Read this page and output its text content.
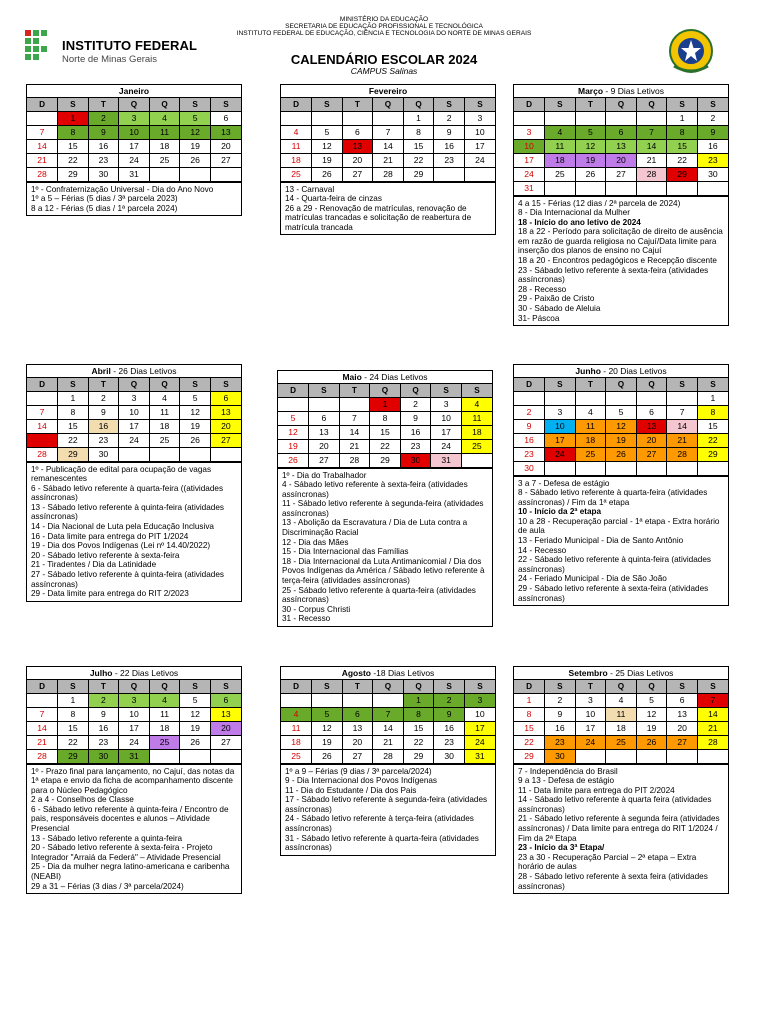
MINISTÉRIO DA EDUCAÇÃO
SECRETARIA DE EDUCAÇÃO PROFISSIONAL E TECNOLÓGICA
INSTITUTO FEDERAL DE EDUCAÇÃO, CIÊNCIA E TECNOLOGIA DO NORTE DE MINAS GERAIS
INSTITUTO FEDERAL
Norte de Minas Gerais	CALENDÁRIO ESCOLAR 2024
CAMPUS Salinas
Janeiro
D	S	T	Q	Q	S	S
	1	2	3	4	5	6
7	8	9	10	11	12	13
14	15	16	17	18	19	20
21	22	23	24	25	26	27
28	29	30	31			
1º - Confraternização Universal - Dia do Ano Novo
1º a 5 – Férias (5 dias / 3ª parcela 2023)
8 a 12 - Férias (5 dias / 1ª parcela 2024)
Fevereiro
D	S	T	Q	Q	S	S
				1	2	3
4	5	6	7	8	9	10
11	12	13	14	15	16	17
18	19	20	21	22	23	24
25	26	27	28	29		
13 - Carnaval
14 - Quarta-feira de cinzas
26 a 29 - Renovação de matrículas, renovação de matrículas trancadas e solicitação de reabertura de matrícula trancada
Março - 9 Dias Letivos
D	S	T	Q	Q	S	S
					1	2
3	4	5	6	7	8	9
10	11	12	13	14	15	16
17	18	19	20	21	22	23
24	25	26	27	28	29	30
31						
4 a 15 - Férias (12 dias / 2ª parcela de 2024)
8 - Dia Internacional da Mulher
18 - Início do ano letivo de 2024
18 a 22 - Período para solicitação de direito de ausência em razão de guarda religiosa no Cajuí/Data limite para inserção dos planos de ensino no Cajuí
18 a 20 - Encontros pedagógicos e Recepção discente
23 - Sábado letivo referente à sexta-feira (atividades assíncronas)
28 - Recesso
29 - Paixão de Cristo
30 - Sábado de Aleluia
31- Páscoa
Abril - 26 Dias Letivos
D	S	T	Q	Q	S	S
	1	2	3	4	5	6
7	8	9	10	11	12	13
14	15	16	17	18	19	20
21	22	23	24	25	26	27
28	29	30				
1º - Publicação de edital para ocupação de vagas remanescentes
6 - Sábado letivo referente à quarta-feira ((atividades assíncronas)
13 - Sábado letivo referente à quinta-feira (atividades assíncronas)
14 - Dia Nacional de Luta pela Educação Inclusiva
16 - Data limite para entrega do PIT 1/2024
19 - Dia dos Povos Indígenas (Lei nº 14.40/2022)
20 - Sábado letivo referente à sexta-feira
21 - Tiradentes / Dia da Latinidade
27 - Sábado letivo referente à quinta-feira (atividades assíncronas)
29 - Data limite para entrega do RIT 2/2023
Maio - 24 Dias Letivos
D	S	T	Q	Q	S	S
			1	2	3	4
5	6	7	8	9	10	11
12	13	14	15	16	17	18
19	20	21	22	23	24	25
26	27	28	29	30	31	
1º - Dia do Trabalhador
4 - Sábado letivo referente à sexta-feira (atividades assíncronas)
11 - Sábado letivo referente à segunda-feira (atividades assíncronas)
13 - Abolição da Escravatura / Dia de Luta contra a Discriminação Racial
12 - Dia das Mães
15 - Dia Internacional das Famílias
18 - Dia Internacional da Luta Antimanicomial / Dia dos Povos Indígenas da América / Sábado letivo referente à terça-feira (atividades assíncronas)
25 - Sábado letivo referente à quarta-feira (atividades assíncronas)
30 - Corpus Christi
31 - Recesso
Junho - 20 Dias Letivos
D	S	T	Q	Q	S	S
						1
2	3	4	5	6	7	8
9	10	11	12	13	14	15
16	17	18	19	20	21	22
23	24	25	26	27	28	29
30						
3 a 7 - Defesa de estágio
8 - Sábado letivo referente à quarta-feira (atividades assíncronas) / Fim da 1ª etapa
10 - Início da 2ª etapa
10 a 28 - Recuperação parcial - 1ª etapa - Extra horário de aula
13 - Feriado Municipal - Dia de Santo Antônio
14 - Recesso
22 - Sábado letivo referente à quinta-feira (atividades assíncronas)
24 - Feriado Municipal - Dia de São João
29 - Sábado letivo referente à sexta-feira (atividades assíncronas)
Julho - 22 Dias Letivos
D	S	T	Q	Q	S	S
	1	2	3	4	5	6
7	8	9	10	11	12	13
14	15	16	17	18	19	20
21	22	23	24	25	26	27
28	29	30	31			
1º - Prazo final para lançamento, no Cajuí, das notas da 1ª etapa e envio da ficha de acompanhamento discente para o Núcleo Pedagógico
2 a 4 - Conselhos de Classe
6 - Sábado letivo referente à quinta-feira / Encontro de pais, responsáveis docentes e alunos – Atividade Presencial
13 - Sábado letivo referente a quinta-feira
20 - Sábado letivo referente à sexta-feira - Projeto Integrador "Arraiá da Federá" – Atividade Presencial
25 - Dia da mulher negra latino-americana e caribenha (NEABI)
29 a 31 – Férias (3 dias / 3ª parcela/2024)
Agosto -18 Dias Letivos
D	S	T	Q	Q	S	S
				1	2	3
4	5	6	7	8	9	10
11	12	13	14	15	16	17
18	19	20	21	22	23	24
25	26	27	28	29	30	31
1º a 9 – Férias (9 dias / 3ª parcela/2024)
9 - Dia Internacional dos Povos Indígenas
11 - Dia do Estudante / Dia dos Pais
17 - Sábado letivo referente à segunda-feira (atividades assíncronas)
24 - Sábado letivo referente à terça-feira (atividades assíncronas)
31 - Sábado letivo referente à quarta-feira (atividades assíncronas)
Setembro - 25 Dias Letivos
D	S	T	Q	Q	S	S
1	2	3	4	5	6	7
8	9	10	11	12	13	14
15	16	17	18	19	20	21
22	23	24	25	26	27	28
29	30					
7 - Independência do Brasil
9 a 13 - Defesa de estágio
11 - Data limite para entrega do PIT 2/2024
14 - Sábado letivo referente à quarta feira (atividades assíncronas)
21 - Sábado letivo referente à segunda feira (atividades assíncronas) / Data limite para entrega do RIT 1/2024 / Fim da 2ª Etapa
23 - Início da 3ª Etapa/
23 a 30 - Recuperação Parcial – 2ª etapa – Extra horário de aulas
28 - Sábado letivo referente à sexta feira (atividades assíncronas)
